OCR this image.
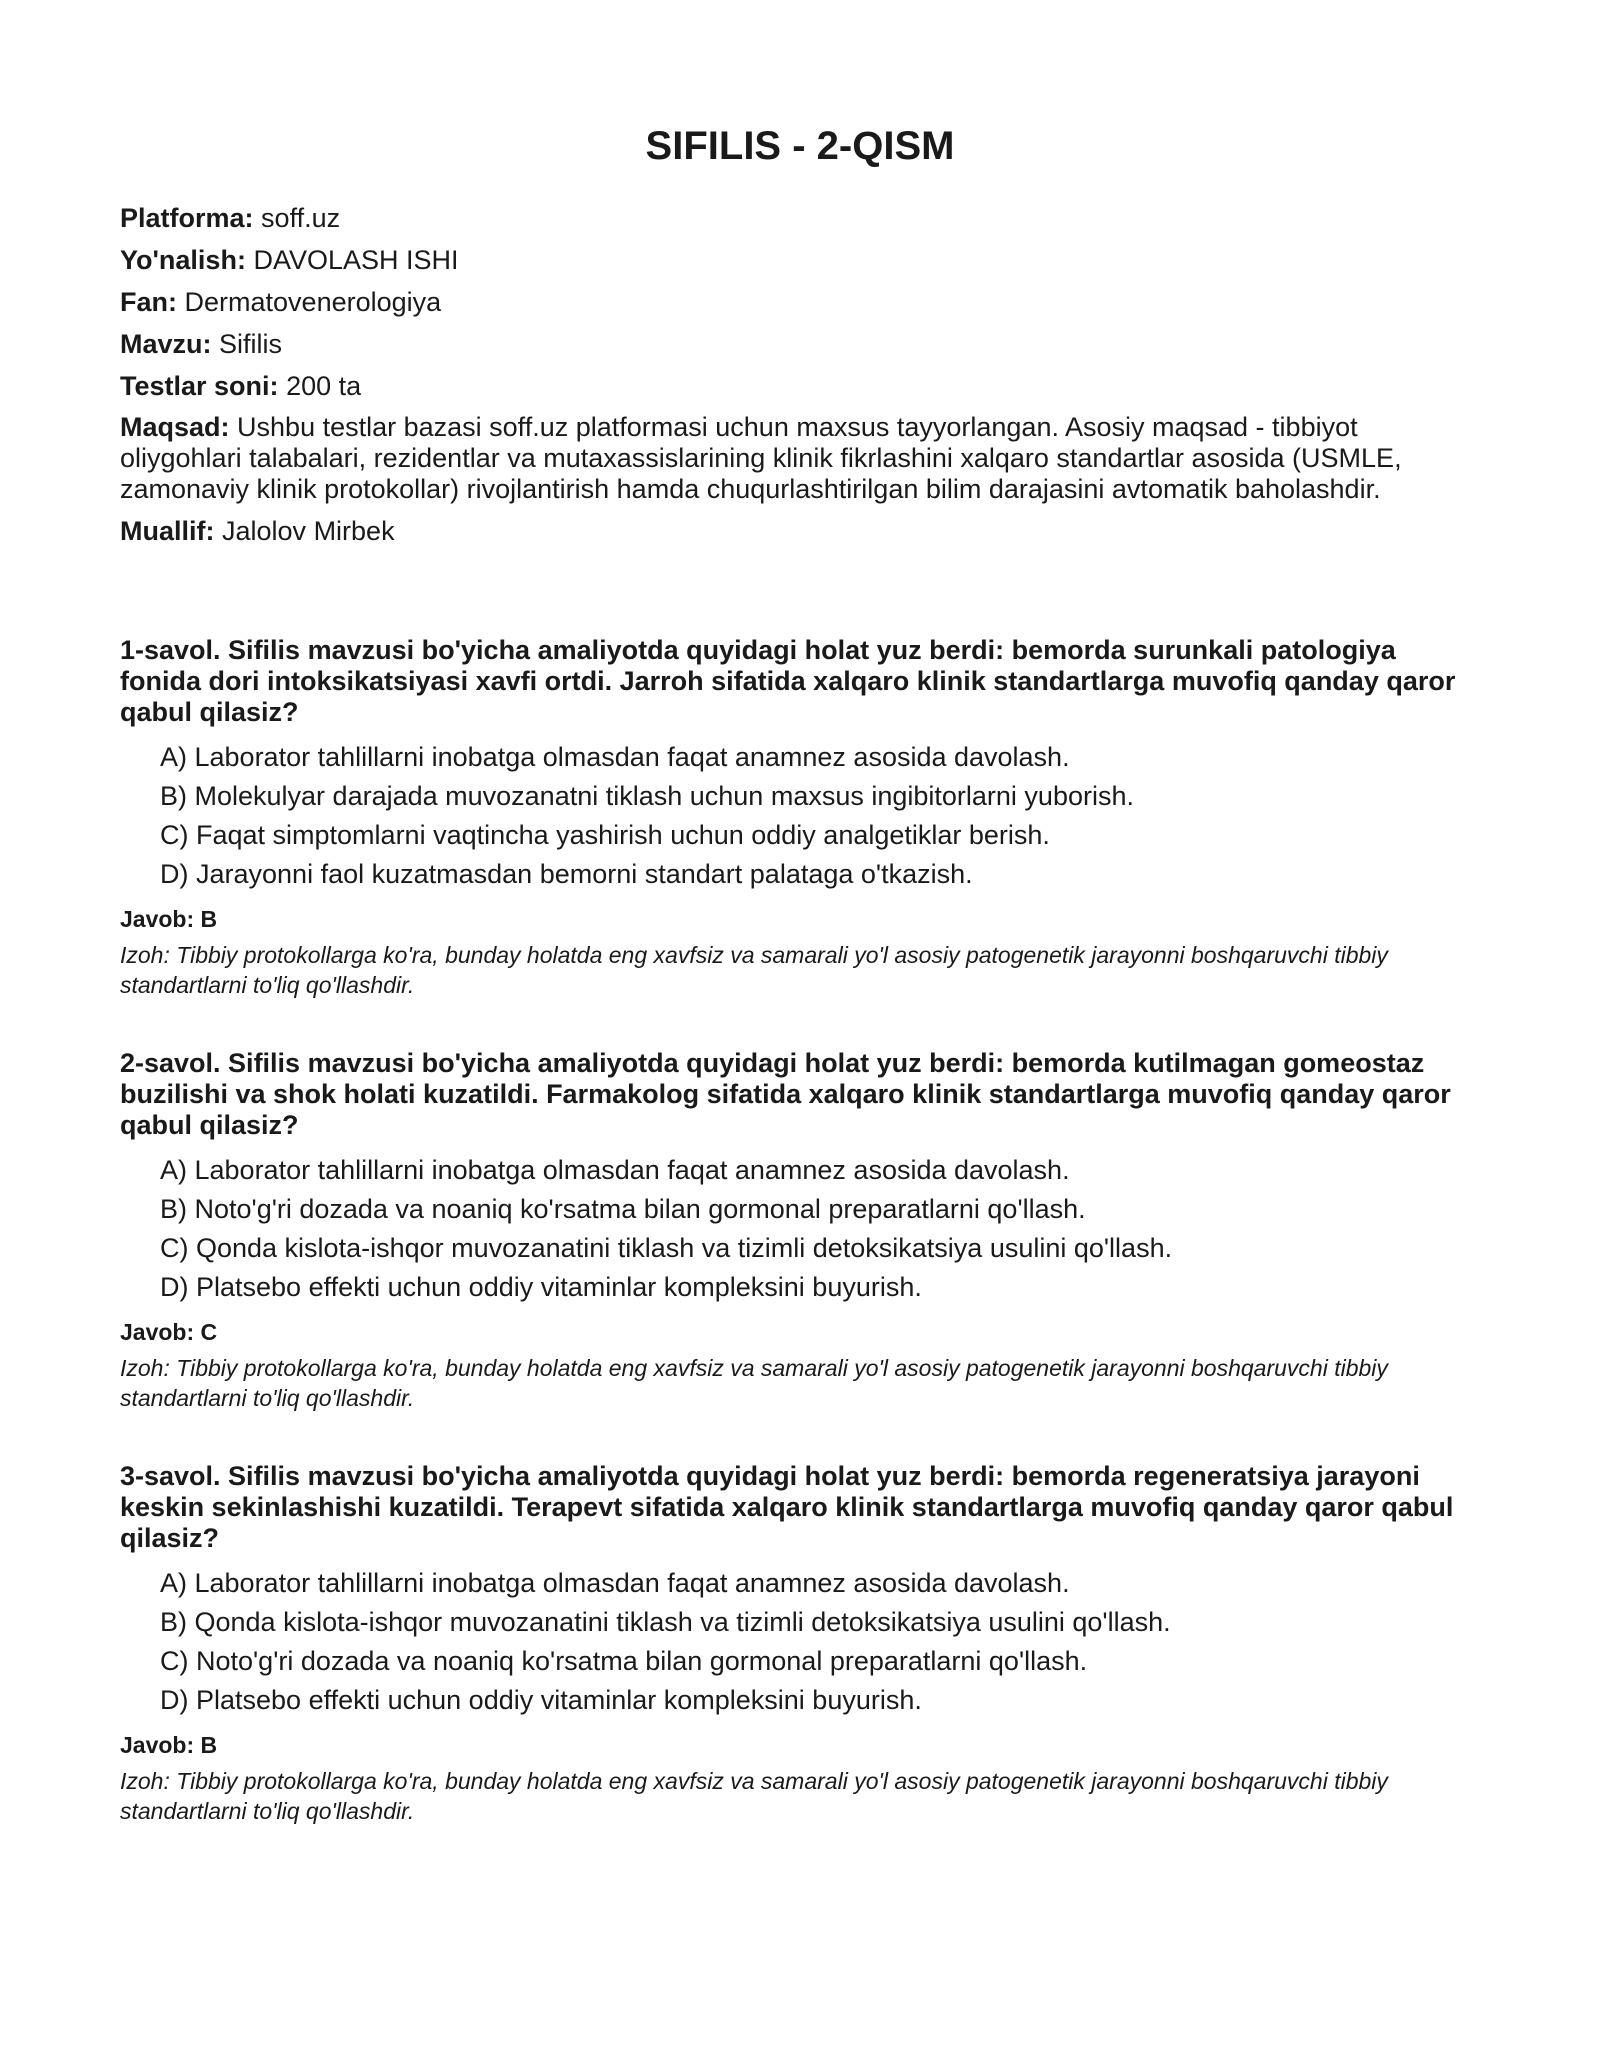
SIFILIS - 2-QISM
Platforma: soff.uz
Yo'nalish: DAVOLASH ISHI
Fan: Dermatovenerologiya
Mavzu: Sifilis
Testlar soni: 200 ta
Maqsad: Ushbu testlar bazasi soff.uz platformasi uchun maxsus tayyorlangan. Asosiy maqsad - tibbiyot oliygohlari talabalari, rezidentlar va mutaxassislarining klinik fikrlashini xalqaro standartlar asosida (USMLE, zamonaviy klinik protokollar) rivojlantirish hamda chuqurlashtirilgan bilim darajasini avtomatik baholashdir.
Muallif: Jalolov Mirbek
1-savol. Sifilis mavzusi bo'yicha amaliyotda quyidagi holat yuz berdi: bemorda surunkali patologiya fonida dori intoksikatsiyasi xavfi ortdi. Jarroh sifatida xalqaro klinik standartlarga muvofiq qanday qaror qabul qilasiz?
A) Laborator tahlillarni inobatga olmasdan faqat anamnez asosida davolash.
B) Molekulyar darajada muvozanatni tiklash uchun maxsus ingibitorlarni yuborish.
C) Faqat simptomlarni vaqtincha yashirish uchun oddiy analgetiklar berish.
D) Jarayonni faol kuzatmasdan bemorni standart palataga o'tkazish.
Javob: B
Izoh: Tibbiy protokollarga ko'ra, bunday holatda eng xavfsiz va samarali yo'l asosiy patogenetik jarayonni boshqaruvchi tibbiy standartlarni to'liq qo'llashdir.
2-savol. Sifilis mavzusi bo'yicha amaliyotda quyidagi holat yuz berdi: bemorda kutilmagan gomeostaz buzilishi va shok holati kuzatildi. Farmakolog sifatida xalqaro klinik standartlarga muvofiq qanday qaror qabul qilasiz?
A) Laborator tahlillarni inobatga olmasdan faqat anamnez asosida davolash.
B) Noto'g'ri dozada va noaniq ko'rsatma bilan gormonal preparatlarni qo'llash.
C) Qonda kislota-ishqor muvozanatini tiklash va tizimli detoksikatsiya usulini qo'llash.
D) Platsebo effekti uchun oddiy vitaminlar kompleksini buyurish.
Javob: C
Izoh: Tibbiy protokollarga ko'ra, bunday holatda eng xavfsiz va samarali yo'l asosiy patogenetik jarayonni boshqaruvchi tibbiy standartlarni to'liq qo'llashdir.
3-savol. Sifilis mavzusi bo'yicha amaliyotda quyidagi holat yuz berdi: bemorda regeneratsiya jarayoni keskin sekinlashishi kuzatildi. Terapevt sifatida xalqaro klinik standartlarga muvofiq qanday qaror qabul qilasiz?
A) Laborator tahlillarni inobatga olmasdan faqat anamnez asosida davolash.
B) Qonda kislota-ishqor muvozanatini tiklash va tizimli detoksikatsiya usulini qo'llash.
C) Noto'g'ri dozada va noaniq ko'rsatma bilan gormonal preparatlarni qo'llash.
D) Platsebo effekti uchun oddiy vitaminlar kompleksini buyurish.
Javob: B
Izoh: Tibbiy protokollarga ko'ra, bunday holatda eng xavfsiz va samarali yo'l asosiy patogenetik jarayonni boshqaruvchi tibbiy standartlarni to'liq qo'llashdir.
